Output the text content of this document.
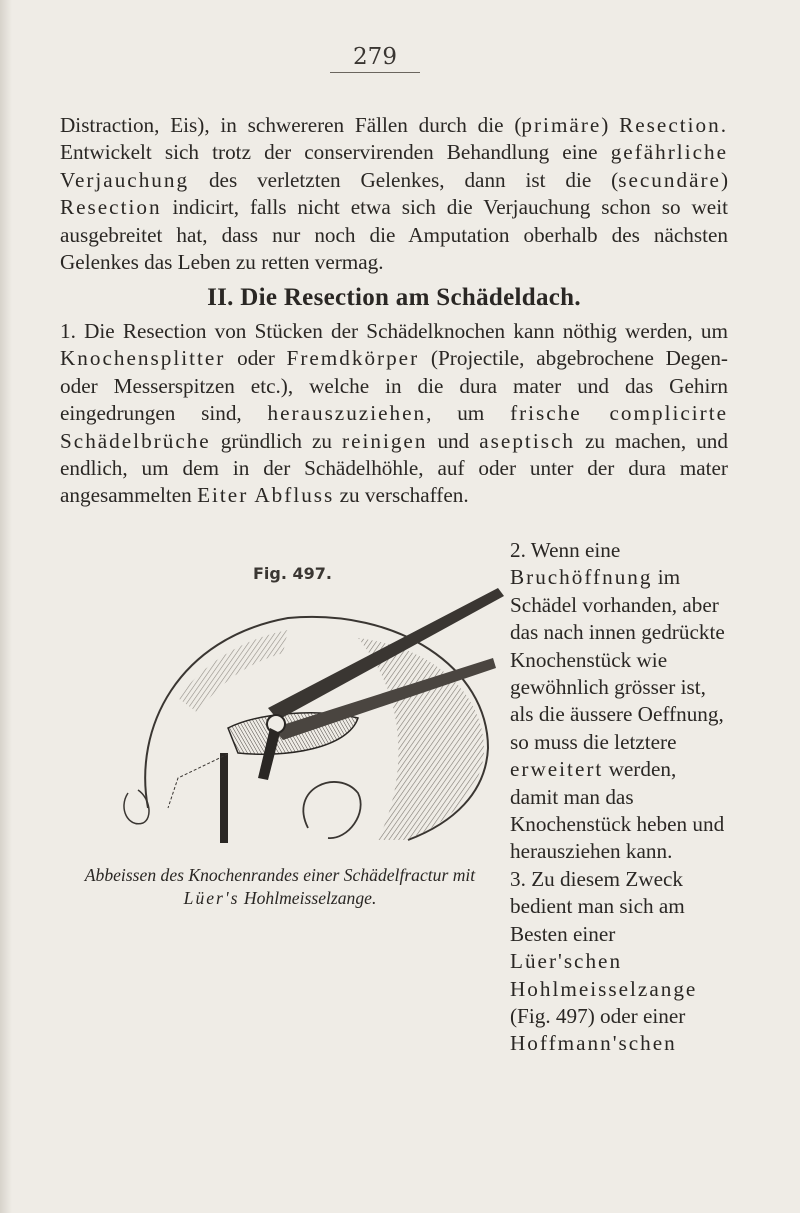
279

Distraction, Eis), in schwereren Fällen durch die (primäre) Resection. Entwickelt sich trotz der conservirenden Behandlung eine gefährliche Verjauchung des verletzten Gelenkes, dann ist die (secundäre) Resection indicirt, falls nicht etwa sich die Verjauchung schon so weit ausgebreitet hat, dass nur noch die Amputation oberhalb des nächsten Gelenkes das Leben zu retten vermag.

II. Die Resection am Schädeldach.

1. Die Resection von Stücken der Schädelknochen kann nöthig werden, um Knochensplitter oder Fremdkörper (Projectile, abgebrochene Degen- oder Messerspitzen etc.), welche in die dura mater und das Gehirn eingedrungen sind, herauszuziehen, um frische complicirte Schädelbrüche gründlich zu reinigen und aseptisch zu machen, und endlich, um dem in der Schädelhöhle, auf oder unter der dura mater angesammelten Eiter Abfluss zu verschaffen.

2. Wenn eine Bruchöffnung im Schädel vorhanden, aber das nach innen gedrückte Knochenstück wie gewöhnlich grösser ist, als die äussere Oeffnung, so muss die letztere erweitert werden, damit man das Knochenstück heben und herausziehen kann.
3. Zu diesem Zweck bedient man sich am Besten einer Lüer'schen Hohlmeisselzange (Fig. 497) oder einer Hoffmann'schen

Fig. 497.

Abbeissen des Knochenrandes einer Schädelfractur mit
Lüer's Hohlmeisselzange.
